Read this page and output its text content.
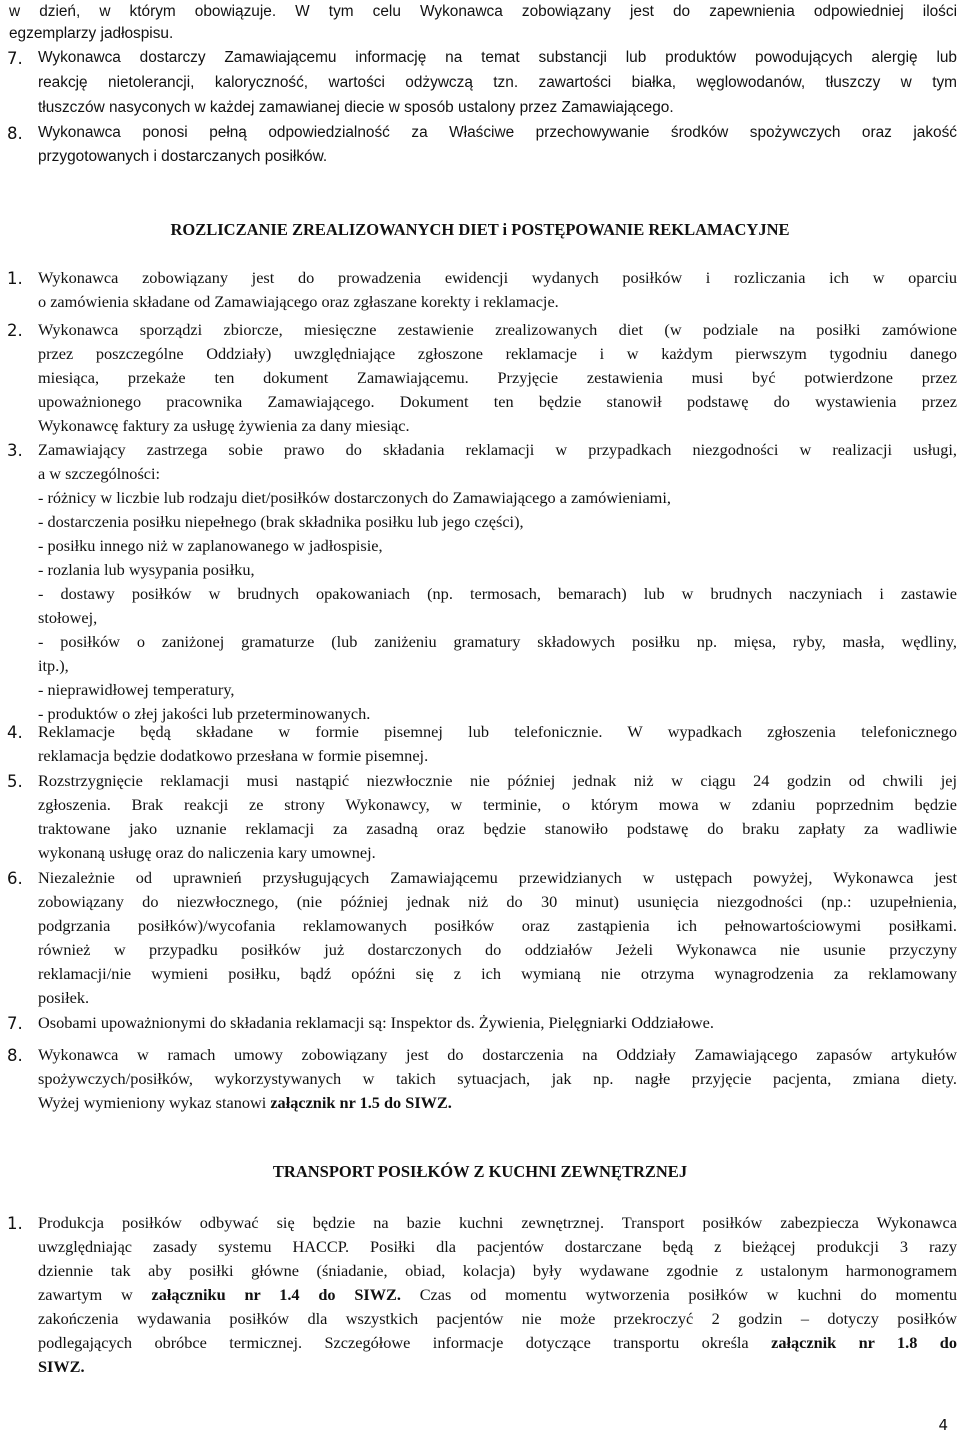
w dzień, w którym obowiązuje. W tym celu Wykonawca zobowiązany jest do zapewnienia odpowiedniej ilości
egzemplarzy jadłospisu.
7. Wykonawca dostarczy Zamawiającemu informację na temat substancji lub produktów powodujących alergię lub
reakcję nietolerancji, kaloryczność, wartości odżywczą tzn. zawartości białka, węglowodanów, tłuszczy w tym
tłuszczów nasyconych w każdej zamawianej diecie w sposób ustalony przez Zamawiającego.
8. Wykonawca ponosi pełną odpowiedzialność za Właściwe przechowywanie środków spożywczych oraz jakość
przygotowanych i dostarczanych posiłków.
ROZLICZANIE ZREALIZOWANYCH DIET i POSTĘPOWANIE REKLAMACYJNE
1. Wykonawca zobowiązany jest do prowadzenia ewidencji wydanych posiłków i rozliczania ich w oparciu
o zamówienia składane od Zamawiającego oraz zgłaszane korekty i reklamacje.
2. Wykonawca sporządzi zbiorcze, miesięczne zestawienie zrealizowanych diet (w podziale na posiłki zamówione
przez poszczególne Oddziały) uwzględniające zgłoszone reklamacje i w każdym pierwszym tygodniu danego
miesiąca, przekaże ten dokument Zamawiającemu. Przyjęcie zestawienia musi być potwierdzone przez
upoważnionego pracownika Zamawiającego. Dokument ten będzie stanowił podstawę do wystawienia przez
Wykonawcę faktury za usługę żywienia za dany miesiąc.
3. Zamawiający zastrzega sobie prawo do składania reklamacji w przypadkach niezgodności w realizacji usługi,
a w szczególności:
- różnicy w liczbie lub rodzaju diet/posiłków dostarczonych do Zamawiającego a zamówieniami,
- dostarczenia posiłku niepełnego (brak składnika posiłku lub jego części),
- posiłku innego niż w zaplanowanego w jadłospisie,
- rozlania lub wysypania posiłku,
- dostawy posiłków w brudnych opakowaniach (np. termosach, bemarach) lub w brudnych naczyniach i zastawie
stołowej,
- posiłków o zaniżonej gramaturze (lub zaniżeniu gramatury składowych posiłku np. mięsa, ryby, masła, wędliny,
itp.),
- nieprawidłowej temperatury,
- produktów o złej jakości lub przeterminowanych.
4. Reklamacje będą składane w formie pisemnej lub telefonicznie. W wypadkach zgłoszenia telefonicznego
reklamacja będzie dodatkowo przesłana w formie pisemnej.
5. Rozstrzygnięcie reklamacji musi nastąpić niezwłocznie nie później jednak niż w ciągu 24 godzin od chwili jej
zgłoszenia. Brak reakcji ze strony Wykonawcy, w terminie, o którym mowa w zdaniu poprzednim będzie
traktowane jako uznanie reklamacji za zasadną oraz będzie stanowiło podstawę do braku zapłaty za wadliwie
wykonaną usługę oraz do naliczenia kary umownej.
6. Niezależnie od uprawnień przysługujących Zamawiającemu przewidzianych w ustępach powyżej, Wykonawca jest
zobowiązany do niezwłocznego, (nie później jednak niż do 30 minut) usunięcia niezgodności (np.: uzupełnienia,
podgrzania posiłków)/wycofania reklamowanych posiłków oraz zastąpienia ich pełnowartościowymi posiłkami.
również w przypadku posiłków już dostarczonych do oddziałów Jeżeli Wykonawca nie usunie przyczyny
reklamacji/nie wymieni posiłku, bądź opóźni się z ich wymianą nie otrzyma wynagrodzenia za reklamowany
posiłek.
7. Osobami upoważnionymi do składania reklamacji są: Inspektor ds. Żywienia, Pielęgniarki Oddziałowe.
8. Wykonawca w ramach umowy zobowiązany jest do dostarczenia na Oddziały Zamawiającego zapasów artykułów
spożywczych/posiłków, wykorzystywanych w takich sytuacjach, jak np. nagłe przyjęcie pacjenta, zmiana diety.
Wyżej wymieniony wykaz stanowi załącznik nr 1.5 do SIWZ.
TRANSPORT POSIŁKÓW Z KUCHNI ZEWNĘTRZNEJ
1. Produkcja posiłków odbywać się będzie na bazie kuchni zewnętrznej. Transport posiłków zabezpiecza Wykonawca
uwzględniając zasady systemu HACCP. Posiłki dla pacjentów dostarczane będą z bieżącej produkcji 3 razy
dziennie tak aby posiłki główne (śniadanie, obiad, kolacja) były wydawane zgodnie z ustalonym harmonogramem
zawartym w załączniku nr 1.4 do SIWZ. Czas od momentu wytworzenia posiłków w kuchni do momentu
zakończenia wydawania posiłków dla wszystkich pacjentów nie może przekroczyć 2 godzin – dotyczy posiłków
podlegających obróbce termicznej. Szczegółowe informacje dotyczące transportu określa załącznik nr 1.8 do
SIWZ.
4
